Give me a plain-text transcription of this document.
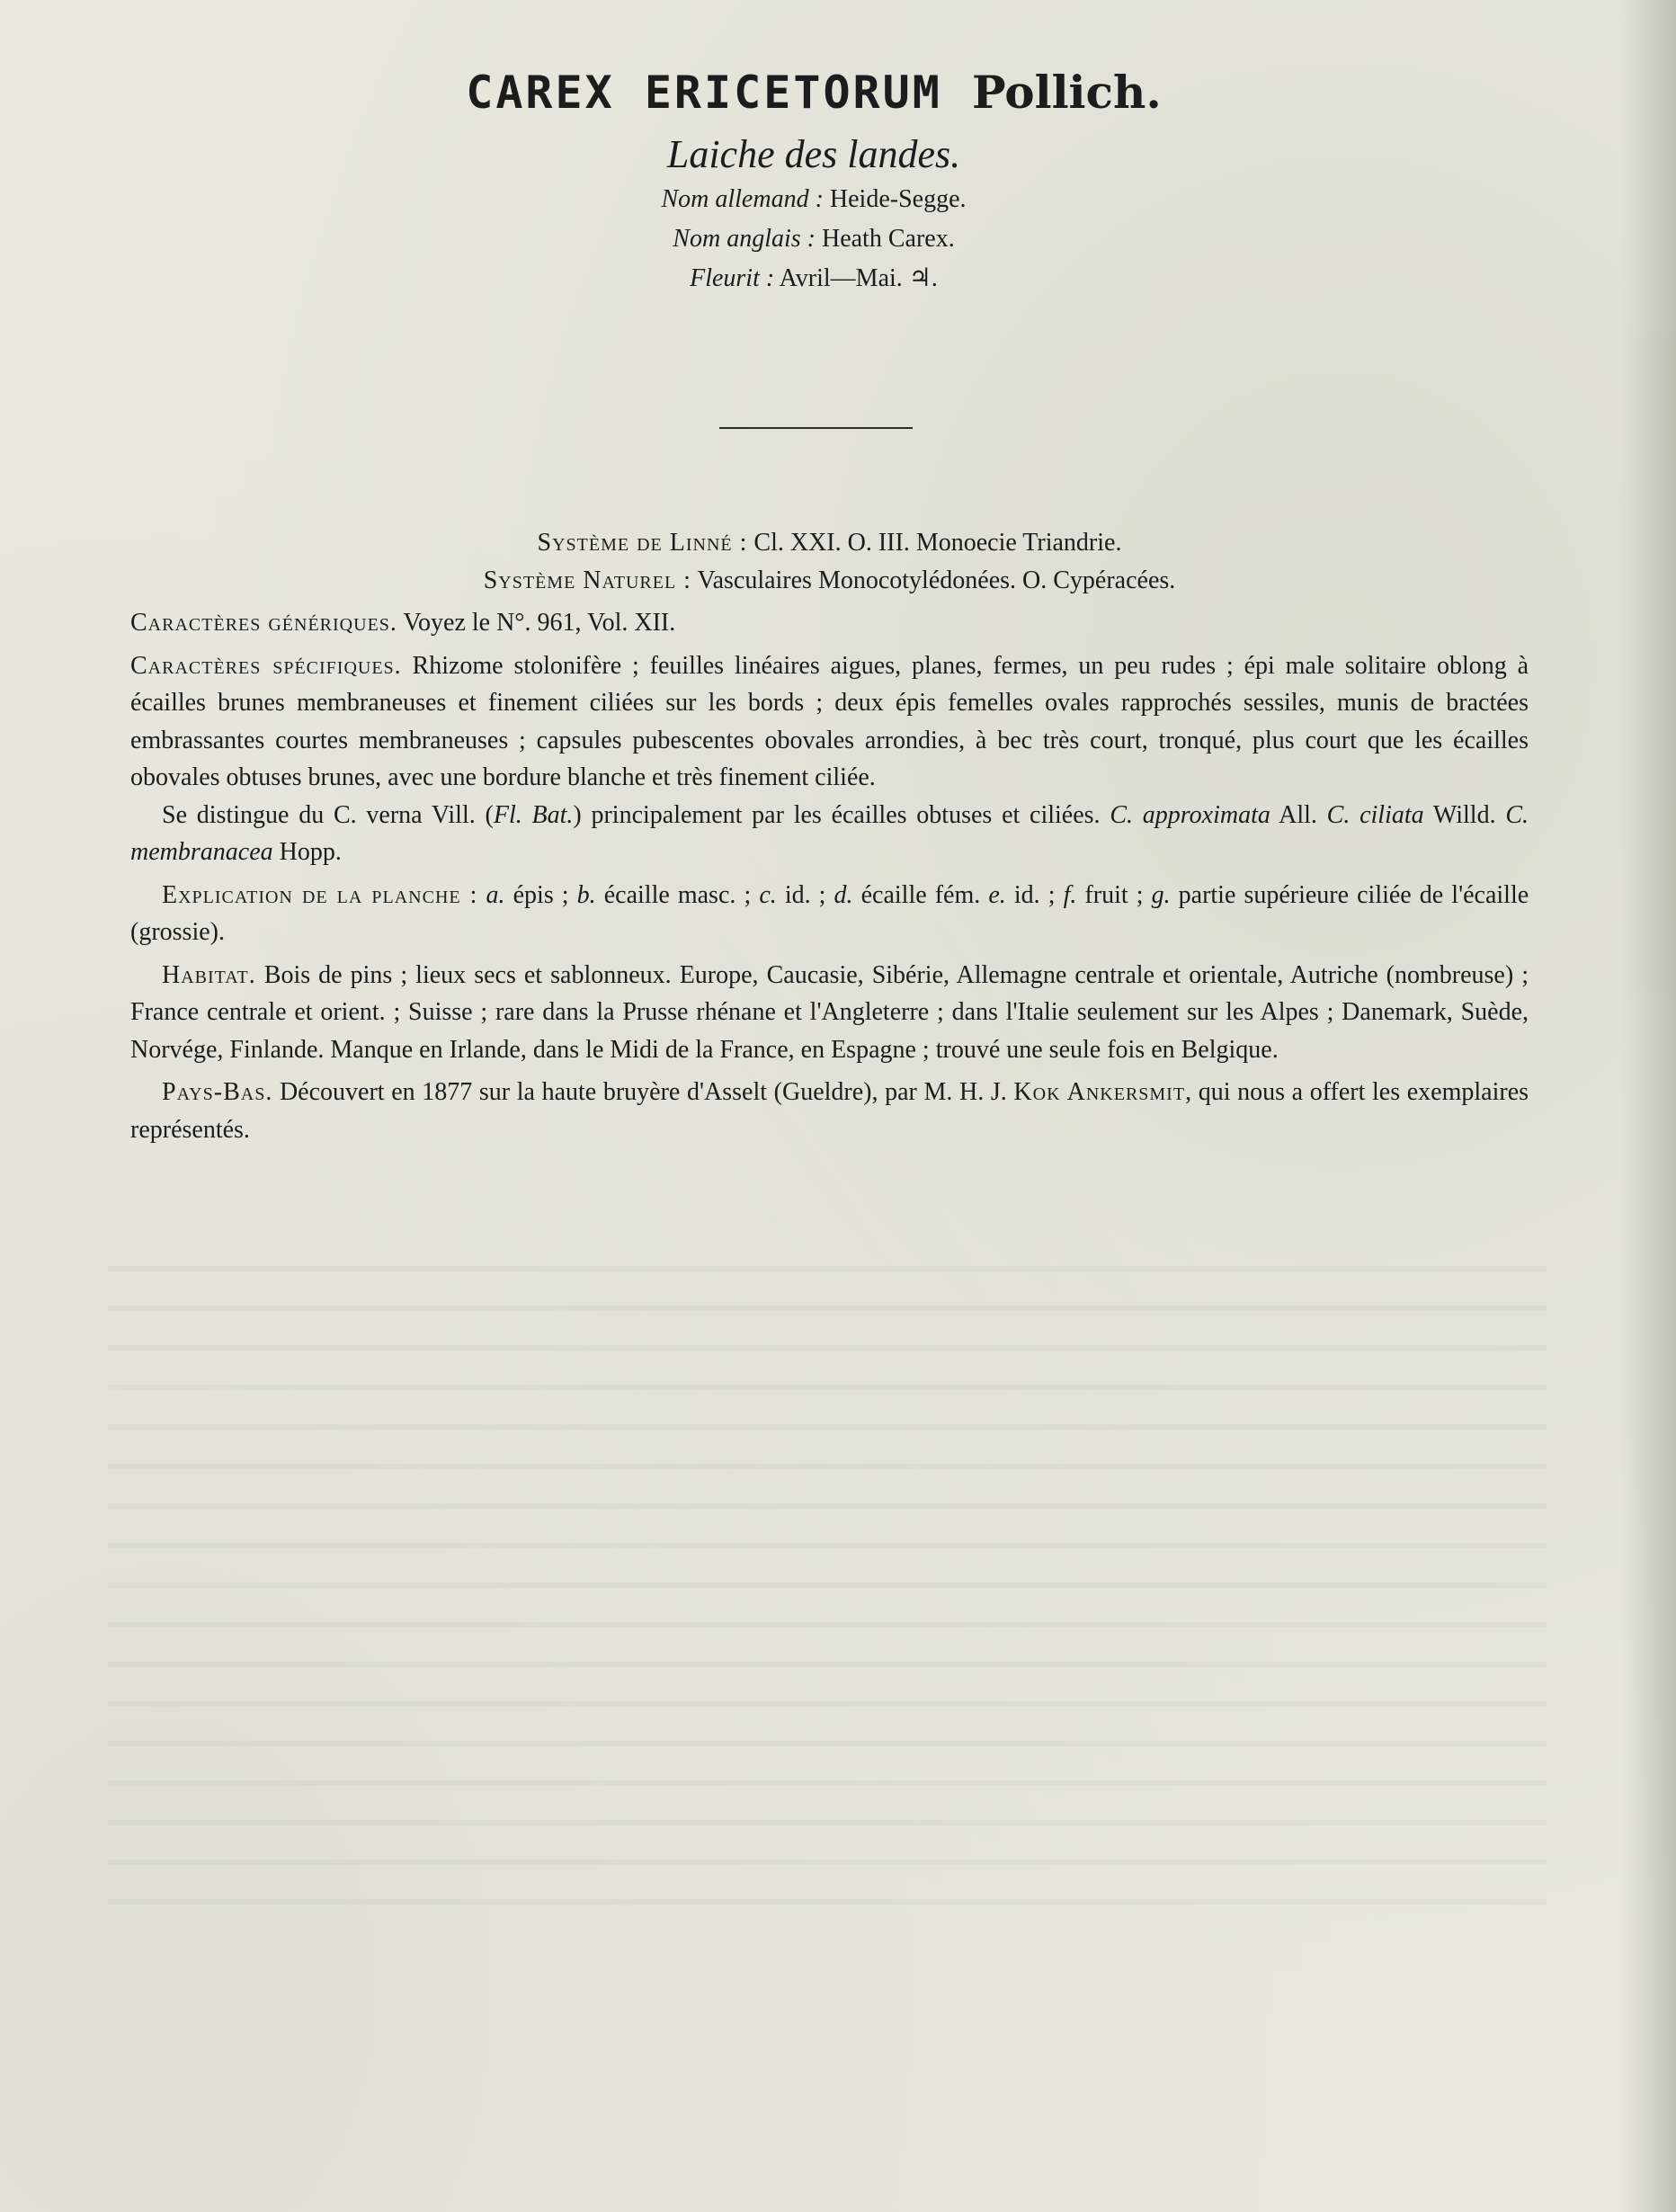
CAREX ERICETORUM Pollich.
Laiche des landes.
Nom allemand : Heide-Segge.
Nom anglais : Heath Carex.
Fleurit : Avril—Mai. ♃.

Système de Linné : Cl. XXI. O. III. Monoecie Triandrie.

Système Naturel : Vasculaires Monocotylédonées. O. Cypéracées.

Caractères génériques. Voyez le N°. 961, Vol. XII.

Caractères spécifiques. Rhizome stolonifère ; feuilles linéaires aigues, planes, fermes, un peu rudes ; épi male solitaire oblong à écailles brunes membraneuses et finement ciliées sur les bords ; deux épis femelles ovales rapprochés sessiles, munis de bractées embrassantes courtes membraneuses ; capsules pubescentes obovales arrondies, à bec très court, tronqué, plus court que les écailles obovales obtuses brunes, avec une bordure blanche et très finement ciliée.

Se distingue du C. verna Vill. (Fl. Bat.) principalement par les écailles obtuses et ciliées. C. approximata All. C. ciliata Willd. C. membranacea Hopp.

Explication de la planche : a. épis ; b. écaille masc. ; c. id. ; d. écaille fém. e. id. ; f. fruit ; g. partie supérieure ciliée de l'écaille (grossie).

Habitat. Bois de pins ; lieux secs et sablonneux. Europe, Caucasie, Sibérie, Allemagne centrale et orientale, Autriche (nombreuse) ; France centrale et orient. ; Suisse ; rare dans la Prusse rhénane et l'Angleterre ; dans l'Italie seulement sur les Alpes ; Danemark, Suède, Norvége, Finlande. Manque en Irlande, dans le Midi de la France, en Espagne ; trouvé une seule fois en Belgique.

Pays-Bas. Découvert en 1877 sur la haute bruyère d'Asselt (Gueldre), par M. H. J. Kok Ankersmit, qui nous a offert les exemplaires représentés.
